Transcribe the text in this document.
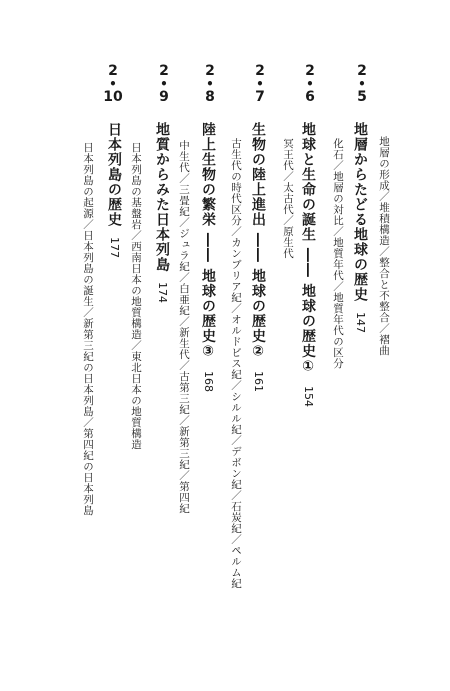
2
•
5
地層からたどる地球の歴史147 地層の形成／堆積構造／整合と不整合／褶曲
化石／地層の対比／地質年代／地質年代の区分
2
•
6
地球と生命の誕生 ―― 地球の歴史①154
冥王代／太古代／原生代
2
•
7
生物の陸上進出 ―― 地球の歴史②161
古生代の時代区分／カンブリア紀／オルドビス紀／シルル紀／デボン紀／石炭紀／ペルム紀
2
•
8
陸上生物の繁栄 ―― 地球の歴史③168
中生代／三畳紀／ジュラ紀／白亜紀／新生代／古第三紀／新第三紀／第四紀
2
•
9
地質からみた日本列島174
日本列島の基盤岩／西南日本の地質構造／東北日本の地質構造
2
•
10
日本列島の歴史177
日本列島の起源／日本列島の誕生／新第三紀の日本列島／第四紀の日本列島
